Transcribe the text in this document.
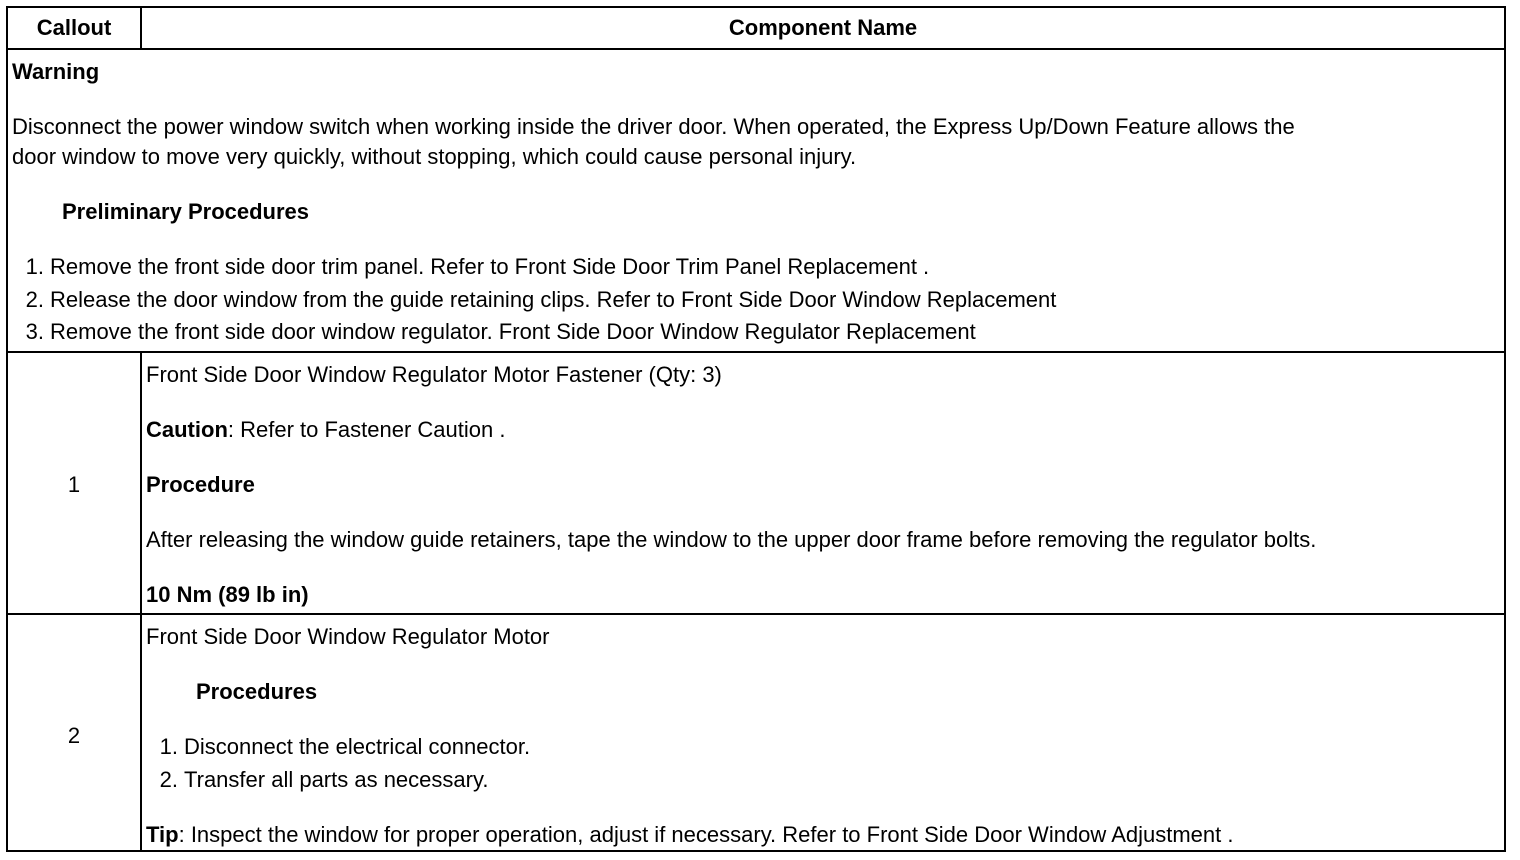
Callout	Component Name
Warning
Disconnect the power window switch when working inside the driver door. When operated, the Express Up/Down Feature allows the
door window to move very quickly, without stopping, which could cause personal injury.
Preliminary Procedures
1. Remove the front side door trim panel. Refer to Front Side Door Trim Panel Replacement .
2. Release the door window from the guide retaining clips. Refer to Front Side Door Window Replacement
3. Remove the front side door window regulator. Front Side Door Window Regulator Replacement
1
Front Side Door Window Regulator Motor Fastener (Qty: 3)
Caution: Refer to Fastener Caution .
Procedure
After releasing the window guide retainers, tape the window to the upper door frame before removing the regulator bolts.
10 Nm (89 lb in)
2
Front Side Door Window Regulator Motor
Procedures
1. Disconnect the electrical connector.
2. Transfer all parts as necessary.
Tip: Inspect the window for proper operation, adjust if necessary. Refer to Front Side Door Window Adjustment .
